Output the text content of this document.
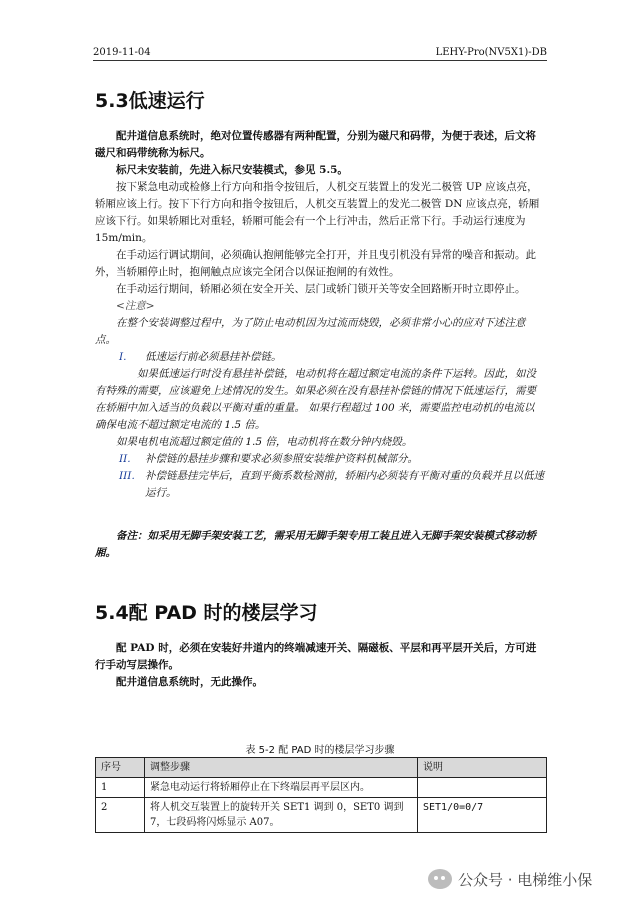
2019-11-04	LEHY-Pro(NV5X1)-DB
5.3低速运行

配井道信息系统时，绝对位置传感器有两种配置，分别为磁尺和码带，为便于表述，后文将磁尺和码带统称为标尺。

标尺未安装前，先进入标尺安装模式，参见 5.5。

按下紧急电动或检修上行方向和指令按钮后，人机交互装置上的发光二极管 UP 应该点亮，轿厢应该上行。按下下行方向和指令按钮后，人机交互装置上的发光二极管 DN 应该点亮，轿厢应该下行。如果轿厢比对重轻，轿厢可能会有一个上行冲击，然后正常下行。手动运行速度为 15m/min。

在手动运行调试期间，必须确认抱闸能够完全打开，并且曳引机没有异常的噪音和振动。此外，当轿厢停止时，抱闸触点应该完全闭合以保证抱闸的有效性。

在手动运行期间，轿厢必须在安全开关、层门或轿门锁开关等安全回路断开时立即停止。

<注意>

在整个安装调整过程中，为了防止电动机因为过流而烧毁，必须非常小心的应对下述注意点。

I.	低速运行前必须悬挂补偿链。

如果低速运行时没有悬挂补偿链，电动机将在超过额定电流的条件下运转。因此，如没有特殊的需要，应该避免上述情况的发生。如果必须在没有悬挂补偿链的情况下低速运行，需要在轿厢中加入适当的负载以平衡对重的重量。 如果行程超过 100 米，需要监控电动机的电流以确保电流不超过额定电流的 1.5 倍。

如果电机电流超过额定值的 1.5 倍，电动机将在数分钟内烧毁。

II.	补偿链的悬挂步骤和要求必须参照安装维护资料机械部分。

III. 补偿链悬挂完毕后，直到平衡系数检测前，轿厢内必须装有平衡对重的负载并且以低速运行。

备注：如采用无脚手架安装工艺，需采用无脚手架专用工装且进入无脚手架安装模式移动轿厢。

5.4配 PAD 时的楼层学习

配 PAD 时，必须在安装好井道内的终端减速开关、隔磁板、平层和再平层开关后，方可进行手动写层操作。

配井道信息系统时，无此操作。

表 5-2 配 PAD 时的楼层学习步骤
序号	调整步骤	说明
1	紧急电动运行将轿厢停止在下终端层再平层区内。	
2	将人机交互装置上的旋转开关 SET1 调到 0，SET0 调到 7，七段码将闪烁显示 A07。	SET1/0=0/7
公众号 · 电梯维小保
